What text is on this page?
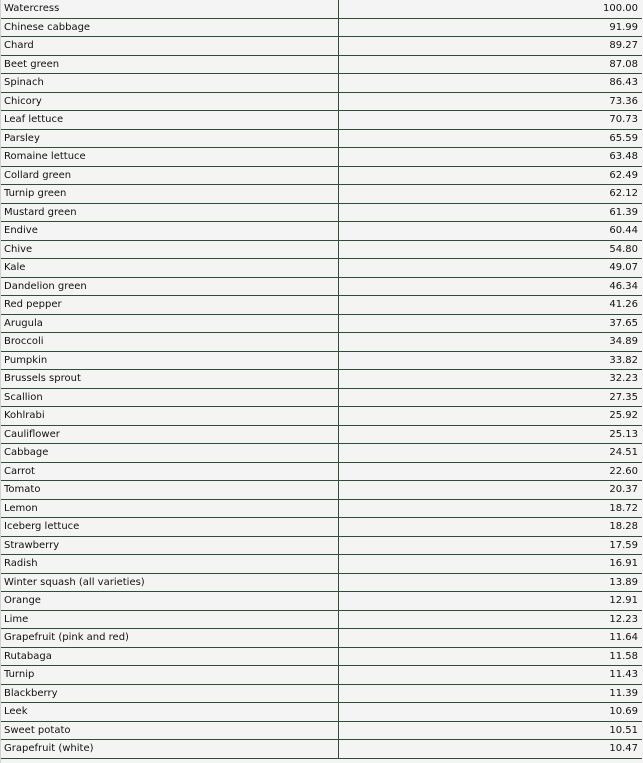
Watercress	100.00
Chinese cabbage	91.99
Chard	89.27
Beet green	87.08
Spinach	86.43
Chicory	73.36
Leaf lettuce	70.73
Parsley	65.59
Romaine lettuce	63.48
Collard green	62.49
Turnip green	62.12
Mustard green	61.39
Endive	60.44
Chive	54.80
Kale	49.07
Dandelion green	46.34
Red pepper	41.26
Arugula	37.65
Broccoli	34.89
Pumpkin	33.82
Brussels sprout	32.23
Scallion	27.35
Kohlrabi	25.92
Cauliflower	25.13
Cabbage	24.51
Carrot	22.60
Tomato	20.37
Lemon	18.72
Iceberg lettuce	18.28
Strawberry	17.59
Radish	16.91
Winter squash (all varieties)	13.89
Orange	12.91
Lime	12.23
Grapefruit (pink and red)	11.64
Rutabaga	11.58
Turnip	11.43
Blackberry	11.39
Leek	10.69
Sweet potato	10.51
Grapefruit (white)	10.47
